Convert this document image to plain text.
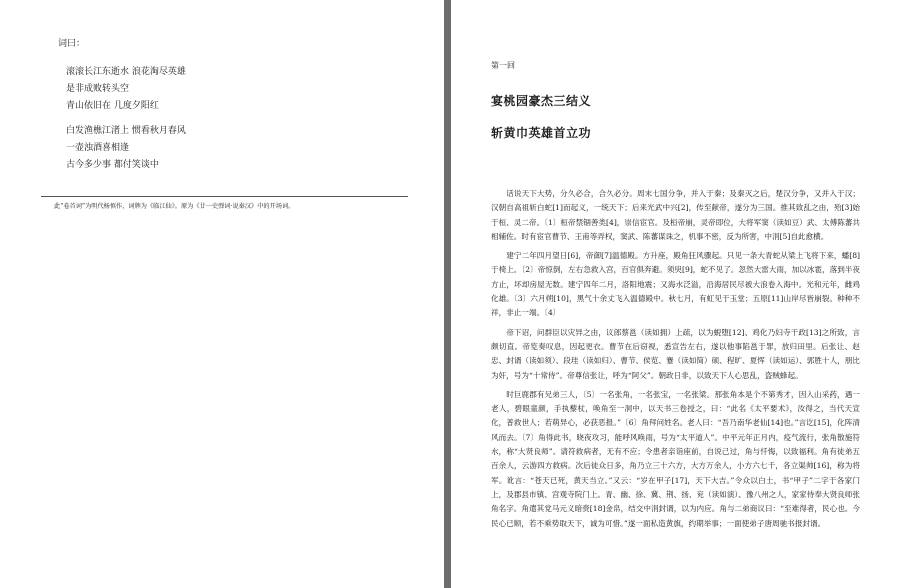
词曰：
滚滚长江东逝水 浪花淘尽英雄
是非成败转头空
青山依旧在 几度夕阳红
白发渔樵江渚上 惯看秋月春风
一壶浊酒喜相逢
古今多少事 都付笑谈中
此“卷首词”为明代杨慎作，词牌为《临江仙》。原为《廿一史弹词·说秦汉》中的开场词。
第一回
宴桃园豪杰三结义
斩黄巾英雄首立功

话说天下大势，分久必合，合久必分。周末七国分争，并入于秦；及秦灭之后，楚汉分争，又并入于汉；汉朝自高祖斩白蛇[1]而起义，一统天下；后来光武中兴[2]，传至献帝，遂分为三国。推其致乱之由，殆[3]始于桓、灵二帝。〔1〕桓帝禁锢善类[4]，崇信宦官。及桓帝崩，灵帝即位，大将军窦（读如豆）武、太傅陈蕃共相辅佐。时有宦官曹节、王甫等弄权，窦武、陈蕃谋诛之，机事不密，反为所害，中涓[5]自此愈横。

建宁二年四月望日[6]，帝御[7]温德殿。方升座，殿角狂风骤起。只见一条大青蛇从梁上飞将下来，蟠[8]于椅上。〔2〕帝惊倒，左右急救入宫，百官俱奔避。须臾[9]，蛇不见了。忽然大雷大雨，加以冰雹，落到半夜方止，坏却房屋无数。建宁四年二月，洛阳地震；又海水泛溢，沿海居民尽被大浪卷入海中。光和元年，雌鸡化雄。〔3〕六月朔[10]，黑气十余丈飞入温德殿中。秋七月，有虹见于玉堂；五原[11]山岸尽皆崩裂。种种不祥，非止一端。〔4〕

帝下诏，问群臣以灾异之由，议郎蔡邕（读如拥）上疏，以为蜺堕[12]、鸡化乃妇寺干政[13]之所致，言颇切直。帝览奏叹息，因起更衣。曹节在后窃视，悉宣告左右，遂以他事陷邕于罪，放归田里。后张让、赵忠、封谞（读如须）、段珪（读如归）、曹节、侯览、蹇（读如简）硕、程旷、夏恽（读如运）、郭胜十人，朋比为奸，号为“十常侍”。帝尊信张让，呼为“阿父”。朝政日非，以致天下人心思乱，盗贼蜂起。

时巨鹿郡有兄弟三人，〔5〕一名张角，一名张宝，一名张梁。那张角本是个不第秀才，因入山采药，遇一老人，碧眼童颜，手执藜杖，唤角至一洞中，以天书三卷授之，曰：“此名《太平要术》，汝得之，当代天宣化，普救世人；若萌异心，必获恶报。”〔6〕角拜问姓名。老人曰：“吾乃南华老仙[14]也。”言讫[15]，化阵清风而去。〔7〕角得此书，晓夜攻习，能呼风唤雨，号为“太平道人”。中平元年正月内，疫气流行，张角散施符水，称“大贤良师”。请符救病者，无有不应；令患者亲诣座前，自说己过，角与忏悔，以致福利。角有徒弟五百余人，云游四方救病。次后徒众日多，角乃立三十六方，大方万余人，小方六七千，各立渠帅[16]，称为将军。讹言：“苍天已死，黄天当立。”又云：“岁在甲子[17]，天下大吉。”令众以白土，书“甲子”二字于各家门上，及郡县市镇、宫观寺院门上。青、幽、徐、冀、荆、扬、兖（读如演）、豫八州之人，家家侍奉大贤良师张角名字。角遣其党马元义暗赍[18]金帛，结交中涓封谞，以为内应。角与二弟商议曰：“至难得者，民心也。今民心已顺，若不乘势取天下，诚为可惜。”遂一面私造黄旗，约期举事；一面使弟子唐周驰书报封谞。
